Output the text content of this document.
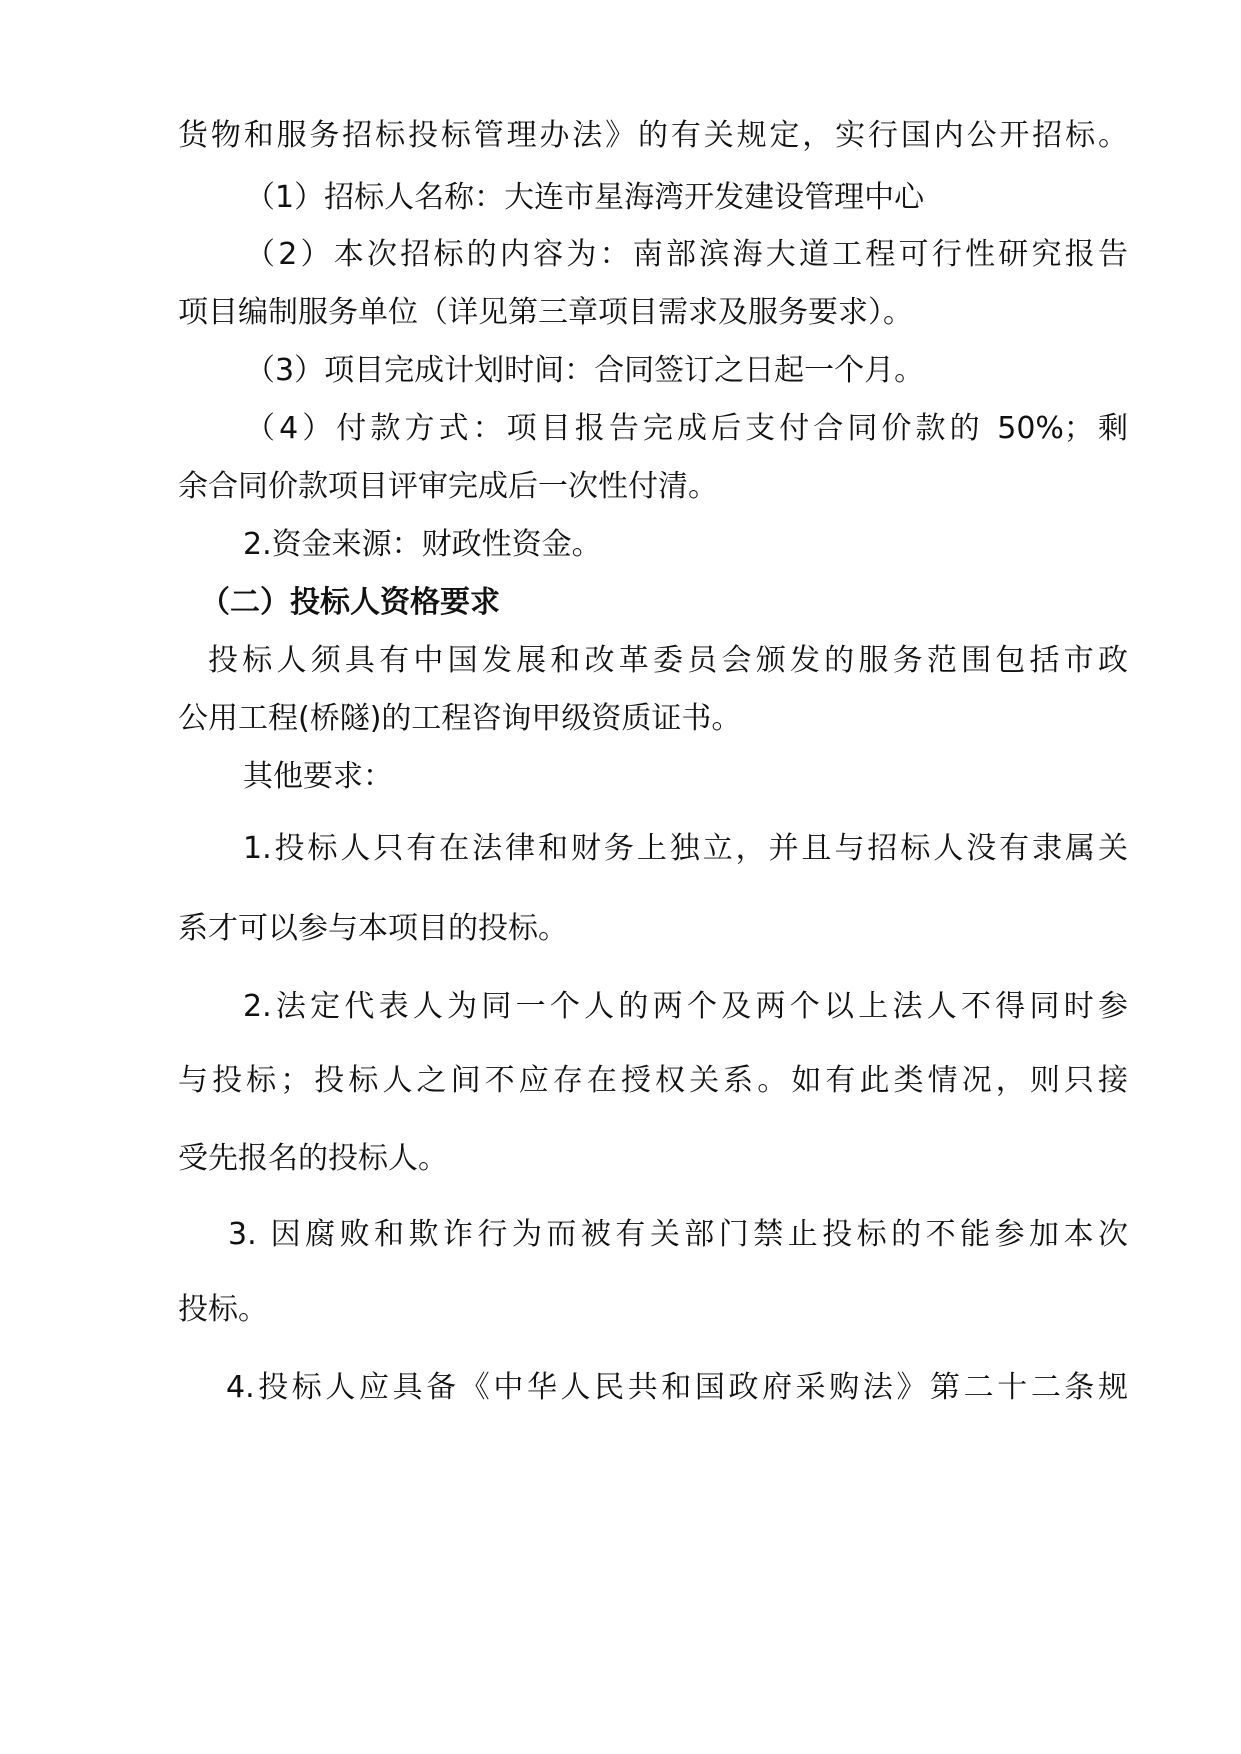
货物和服务招标投标管理办法》的有关规定，实行国内公开招标。
（1）招标人名称：大连市星海湾开发建设管理中心
（2）本次招标的内容为：南部滨海大道工程可行性研究报告
项目编制服务单位（详见第三章项目需求及服务要求）。
（3）项目完成计划时间：合同签订之日起一个月。
（4）付款方式：项目报告完成后支付合同价款的 50%；剩
余合同价款项目评审完成后一次性付清。
2.资金来源：财政性资金。
（二）投标人资格要求
投标人须具有中国发展和改革委员会颁发的服务范围包括市政
公用工程(桥隧)的工程咨询甲级资质证书。
其他要求：
1.投标人只有在法律和财务上独立，并且与招标人没有隶属关
系才可以参与本项目的投标。
2.法定代表人为同一个人的两个及两个以上法人不得同时参
与投标；投标人之间不应存在授权关系。如有此类情况，则只接
受先报名的投标人。
3. 因腐败和欺诈行为而被有关部门禁止投标的不能参加本次
投标。
4.投标人应具备《中华人民共和国政府采购法》第二十二条规
